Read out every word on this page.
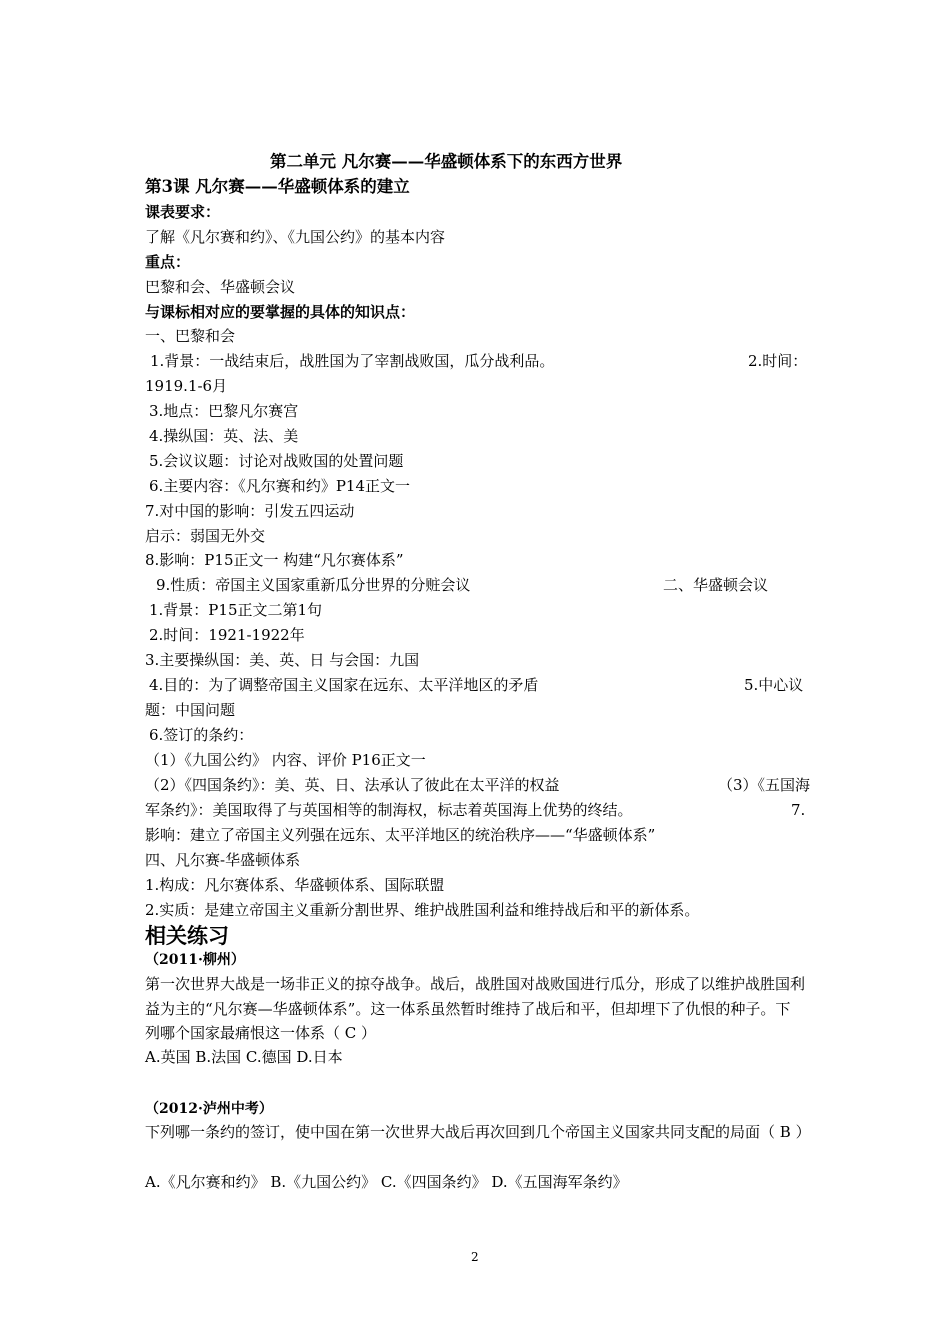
第二单元 凡尔赛——华盛顿体系下的东西方世界
第3课 凡尔赛——华盛顿体系的建立
课表要求：
了解《凡尔赛和约》、《九国公约》的基本内容
重点：
巴黎和会、华盛顿会议
与课标相对应的要掌握的具体的知识点：
一、巴黎和会
1.背景：一战结束后，战胜国为了宰割战败国，瓜分战利品。	2.时间：
1919.1-6月
3.地点：巴黎凡尔赛宫
4.操纵国：英、法、美
5.会议议题：讨论对战败国的处置问题
6.主要内容：《凡尔赛和约》P14正文一
7.对中国的影响：引发五四运动
启示：弱国无外交
8.影响：P15正文一 构建“凡尔赛体系”
9.性质：帝国主义国家重新瓜分世界的分赃会议	二、华盛顿会议
1.背景：P15正文二第1句
2.时间：1921-1922年
3.主要操纵国：美、英、日 与会国：九国
4.目的：为了调整帝国主义国家在远东、太平洋地区的矛盾	5.中心议
题：中国问题
6.签订的条约：
（1）《九国公约》 内容、评价 P16正文一
（2）《四国条约》：美、英、日、法承认了彼此在太平洋的权益	（3）《五国海
军条约》：美国取得了与英国相等的制海权，标志着英国海上优势的终结。	7.
影响：建立了帝国主义列强在远东、太平洋地区的统治秩序——“华盛顿体系”
四、凡尔赛-华盛顿体系
1.构成：凡尔赛体系、华盛顿体系、国际联盟
2.实质：是建立帝国主义重新分割世界、维护战胜国利益和维持战后和平的新体系。
相关练习
（2011·柳州）
第一次世界大战是一场非正义的掠夺战争。战后，战胜国对战败国进行瓜分，形成了以维护战胜国利益为主的“凡尔赛—华盛顿体系”。这一体系虽然暂时维持了战后和平，但却埋下了仇恨的种子。下列哪个国家最痛恨这一体系（ C ）
A.英国 B.法国 C.德国 D.日本
（2012·泸州中考）
下列哪一条约的签订，使中国在第一次世界大战后再次回到几个帝国主义国家共同支配的局面（ B ）
A.《凡尔赛和约》 B.《九国公约》 C.《四国条约》 D.《五国海军条约》
2
